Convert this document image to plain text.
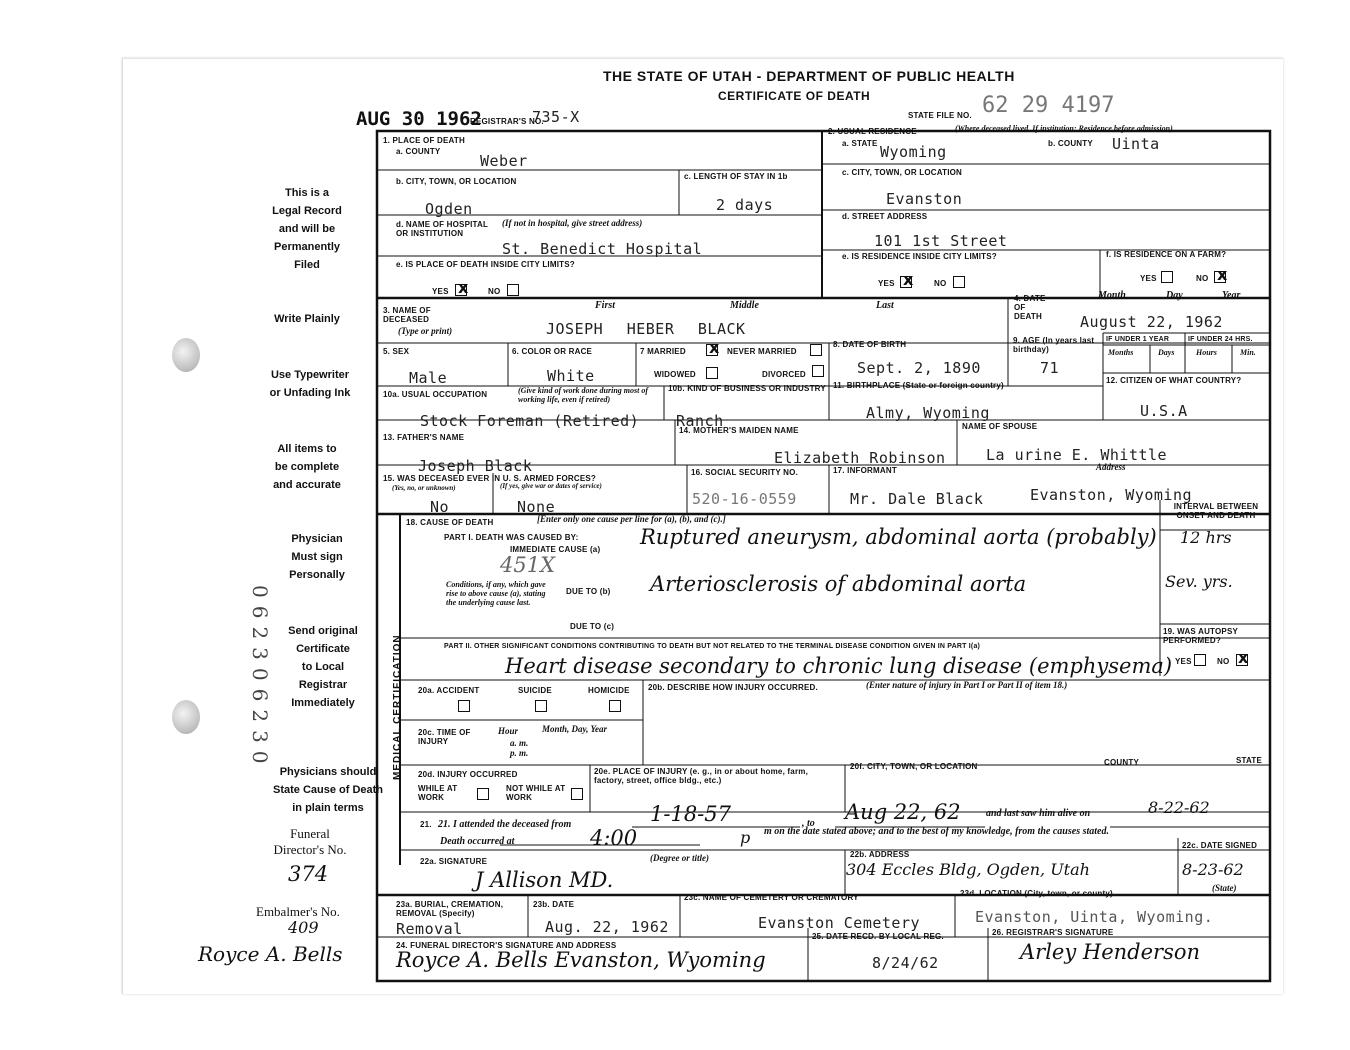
THE STATE OF UTAH - DEPARTMENT OF PUBLIC HEALTH
CERTIFICATE OF DEATH
AUG 30 1962
REGISTRAR'S NO.
735-X	STATE FILE NO. 62 29 4197
This is a
Legal Record
and will be
Permanently
Filed
Write Plainly
Use Typewriter
or Unfading Ink
All items to
be complete
and accurate
Physician
Must sign
Personally
Send original
Certificate
to Local
Registrar
Immediately
Physicians should
State Cause of Death
in plain terms
Funeral
Director's No.
374
Embalmer's No.
409
Royce A. Bells
062306230	MEDICAL CERTIFICATION
1. PLACE OF DEATH
a. COUNTY
Weber
b. CITY, TOWN, OR LOCATION
Ogden
c. LENGTH OF STAY IN 1b
2 days
d. NAME OF HOSPITAL OR INSTITUTION
(If not in hospital, give street address)
St. Benedict Hospital
e. IS PLACE OF DEATH INSIDE CITY LIMITS?
YES x NO
2. USUAL RESIDENCE	(Where deceased lived. If institution: Residence before admission)
a. STATE Wyoming	b. COUNTY Uinta
c. CITY, TOWN, OR LOCATION
Evanston
d. STREET ADDRESS
101 1st Street
e. IS RESIDENCE INSIDE CITY LIMITS?
YES x	NO
f. IS RESIDENCE ON A FARM?
YES	NO x
3. NAME OF DECEASED
(Type or print)
First	Middle	Last
JOSEPH HEBER BLACK
4. DATE OF DEATH
Month	Day	Year
August 22, 1962
5. SEX
Male
6. COLOR OR RACE
White
7 MARRIED x NEVER MARRIED
WIDOWED	DIVORCED
8. DATE OF BIRTH
Sept. 2, 1890
9. AGE (In years last birthday)
71
IF UNDER 1 YEAR	IF UNDER 24 HRS.
Months	Days	Hours	Min.
10a. USUAL OCCUPATION	(Give kind of work done during most of working life, even if retired)
Stock Foreman (Retired)
10b. KIND OF BUSINESS OR INDUSTRY
Ranch
11. BIRTHPLACE (State or foreign country)
Almy, Wyoming
12. CITIZEN OF WHAT COUNTRY?
U.S.A
13. FATHER'S NAME
Joseph Black
14. MOTHER'S MAIDEN NAME
Elizabeth Robinson
NAME OF SPOUSE
La urine E. Whittle
Address
15. WAS DECEASED EVER IN U. S. ARMED FORCES?
(Yes, no, or unknown)	(If yes, give war or dates of service)
No	None
16. SOCIAL SECURITY NO.
520-16-0559
17. INFORMANT
Mr. Dale Black	Evanston, Wyoming
18. CAUSE OF DEATH	[Enter only one cause per line for (a), (b), and (c).]
PART I. DEATH WAS CAUSED BY:
IMMEDIATE CAUSE (a)
Ruptured aneurysm, abdominal aorta (probably)
INTERVAL BETWEEN ONSET AND DEATH
12 hrs
451X
Conditions, if any, which gave rise to above cause (a), stating the underlying cause last.
DUE TO (b) Arteriosclerosis of abdominal aorta	Sev. yrs.
DUE TO (c)
PART II. OTHER SIGNIFICANT CONDITIONS CONTRIBUTING TO DEATH BUT NOT RELATED TO THE TERMINAL DISEASE CONDITION GIVEN IN PART I(a)
Heart disease secondary to chronic lung disease (emphysema)
19. WAS AUTOPSY PERFORMED?
YES	NO x
20a. ACCIDENT	SUICIDE	HOMICIDE 20b. DESCRIBE HOW INJURY OCCURRED.	(Enter nature of injury in Part I or Part II of item 18.)
20c. TIME OF INJURY
Hour
a. m. p. m.
Month, Day, Year
20d. INJURY OCCURRED
WHILE AT WORK
NOT WHILE AT WORK
20e. PLACE OF INJURY (e. g., in or about home, farm, factory, street, office bldg., etc.)
20f. CITY, TOWN, OR LOCATION	COUNTY	STATE
21. 21. I attended the deceased from	1-18-57	, to Aug 22, 62	and last saw him alive on	8-22-62
Death occurred at	4:00	p m on the date stated above; and to the best of my knowledge, from the causes stated.
22a. SIGNATURE	(Degree or title)
J Allison MD.
22b. ADDRESS
304 Eccles Bldg, Ogden, Utah
22c. DATE SIGNED
8-23-62
23a. BURIAL, CREMATION, REMOVAL (Specify)
Removal
23b. DATE
Aug. 22, 1962
23c. NAME OF CEMETERY OR CREMATORY
Evanston Cemetery
23d. LOCATION (City, town, or county)
(State)
Evanston, Uinta, Wyoming.
24. FUNERAL DIRECTOR'S SIGNATURE AND ADDRESS
Royce A. Bells Evanston, Wyoming
25. DATE RECD. BY LOCAL REG.
8/24/62
26. REGISTRAR'S SIGNATURE
Arley Henderson
